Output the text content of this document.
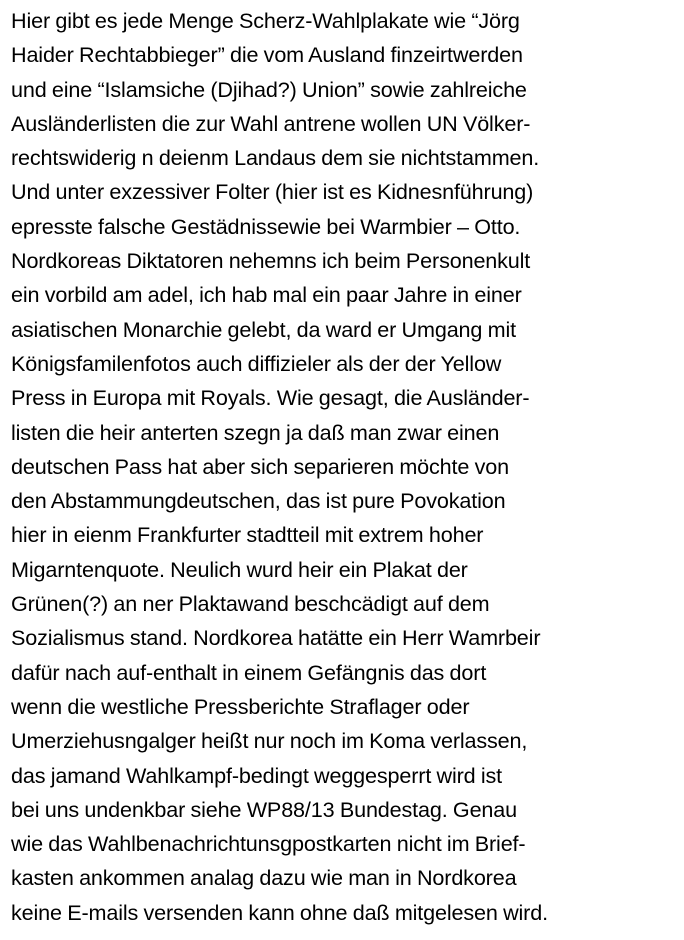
Hier gibt es jede Menge Scherz-Wahlplakate wie “Jörg
Haider Rechtabbieger” die vom Ausland finzeirtwerden
und eine “Islamsiche (Djihad?) Union” sowie zahlreiche
Ausländerlisten die zur Wahl antrene wollen UN Völker-
rechtswiderig n deienm Landaus dem sie nichtstammen.
Und unter exzessiver Folter (hier ist es Kidnesnführung)
epresste falsche Gestädnissewie bei Warmbier – Otto.
Nordkoreas Diktatoren nehemns ich beim Personenkult
ein vorbild am adel, ich hab mal ein paar Jahre in einer
asiatischen Monarchie gelebt, da ward er Umgang mit
Königsfamilenfotos auch diffizieler als der der Yellow
Press in Europa mit Royals. Wie gesagt, die Ausländer-
listen die heir anterten szegn ja daß man zwar einen
deutschen Pass hat aber sich separieren möchte von
den Abstammungdeutschen, das ist pure Povokation
hier in eienm Frankfurter stadtteil mit extrem hoher
Migarntenquote. Neulich wurd heir ein Plakat der
Grünen(?) an ner Plaktawand beschcädigt auf dem
Sozialismus stand. Nordkorea hatätte ein Herr Wamrbeir
dafür nach auf-enthalt in einem Gefängnis das dort
wenn die westliche Pressberichte Straflager oder
Umerziehusngalger heißt nur noch im Koma verlassen,
das jamand Wahlkampf-bedingt weggesperrt wird ist
bei uns undenkbar siehe WP88/13 Bundestag. Genau
wie das Wahlbenachrichtunsgpostkarten nicht im Brief-
kasten ankommen analag dazu wie man in Nordkorea
keine E-mails versenden kann ohne daß mitgelesen wird.
